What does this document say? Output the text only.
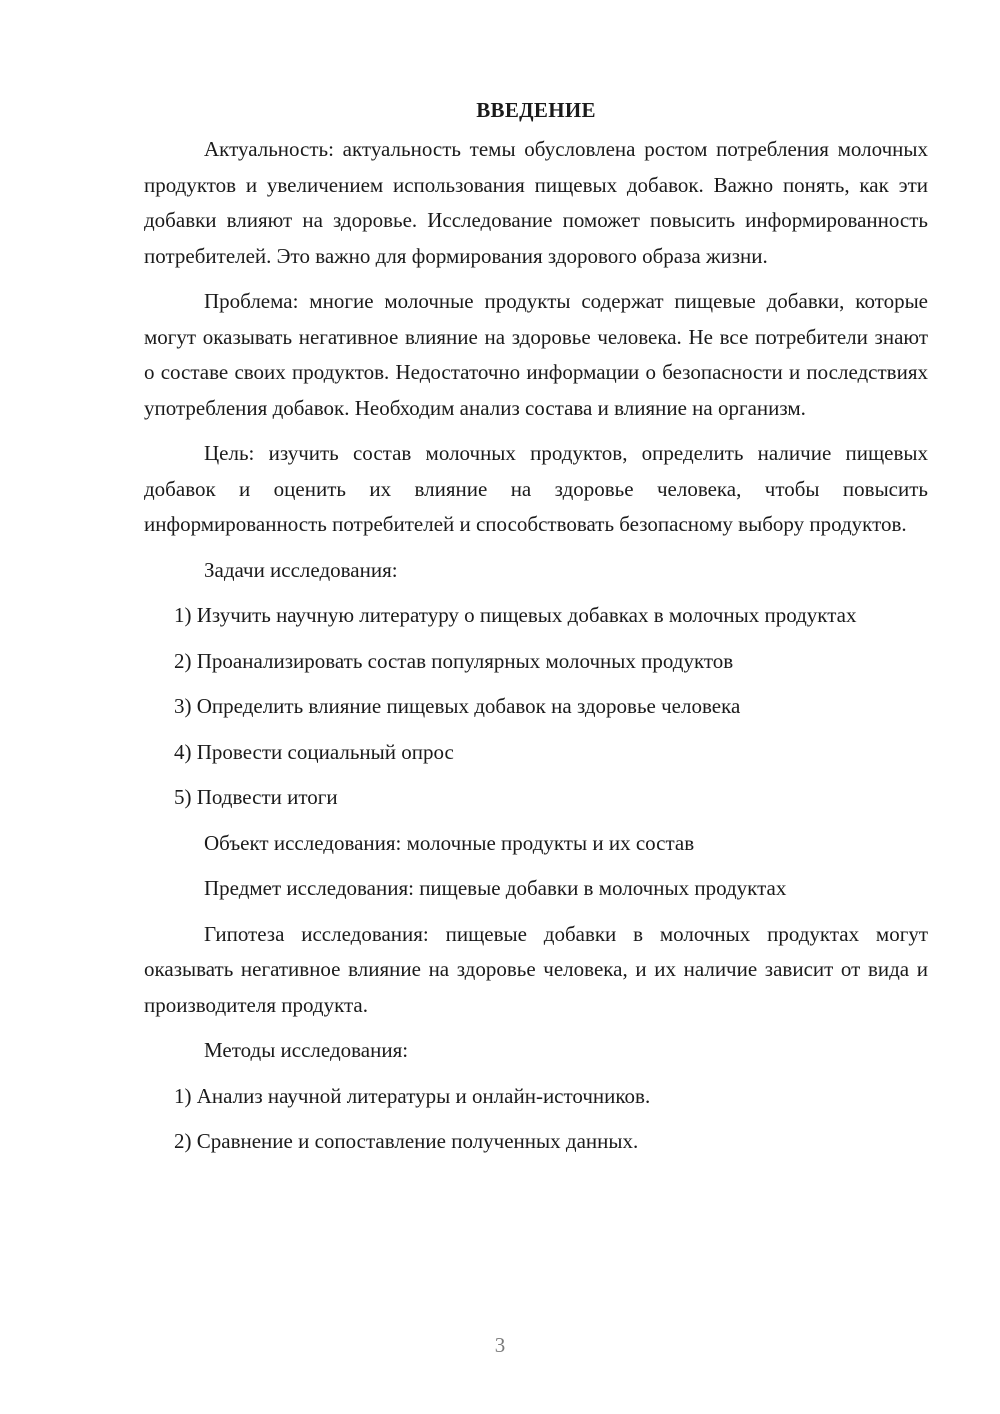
ВВЕДЕНИЕ

Актуальность: актуальность темы обусловлена ростом потребления молочных продуктов и увеличением использования пищевых добавок. Важно понять, как эти добавки влияют на здоровье. Исследование поможет повысить информированность потребителей. Это важно для формирования здорового образа жизни.

Проблема: многие молочные продукты содержат пищевые добавки, которые могут оказывать негативное влияние на здоровье человека. Не все потребители знают о составе своих продуктов. Недостаточно информации о безопасности и последствиях употребления добавок. Необходим анализ состава и влияние на организм.

Цель: изучить состав молочных продуктов, определить наличие пищевых добавок и оценить их влияние на здоровье человека, чтобы повысить информированность потребителей и способствовать безопасному выбору продуктов.

Задачи исследования:

1) Изучить научную литературу о пищевых добавках в молочных продуктах

2) Проанализировать состав популярных молочных продуктов

3) Определить влияние пищевых добавок на здоровье человека

4) Провести социальный опрос

5) Подвести итоги

Объект исследования: молочные продукты и их состав

Предмет исследования: пищевые добавки в молочных продуктах

Гипотеза исследования: пищевые добавки в молочных продуктах могут оказывать негативное влияние на здоровье человека, и их наличие зависит от вида и производителя продукта.

Методы исследования:

1) Анализ научной литературы и онлайн-источников.

2) Сравнение и сопоставление полученных данных.

3
